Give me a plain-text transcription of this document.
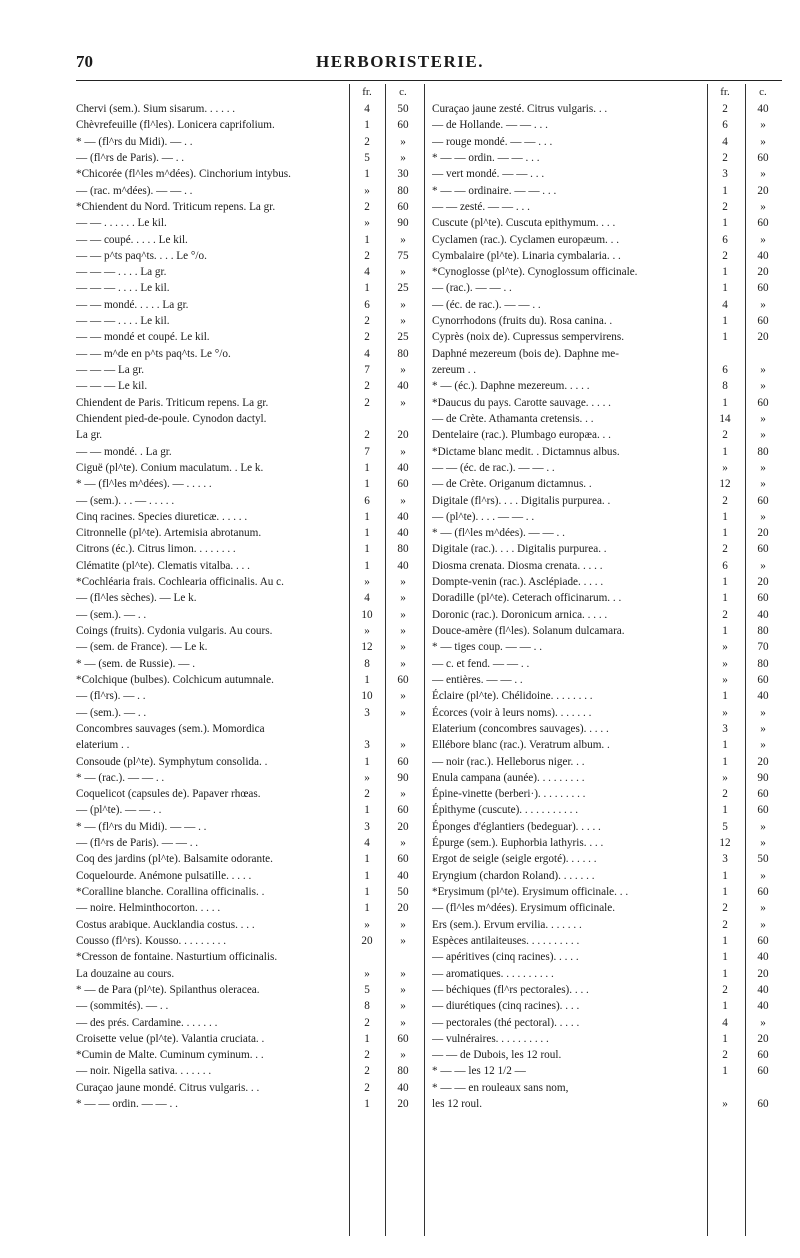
HERBORISTERIE.
70
fr.	c.
Chervi (sem.). Sium sisarum. . . . . .	4	50
Chèvrefeuille (fl^les). Lonicera caprifolium.	1	60
* — (fl^rs du Midi). — . .	2	»
— (fl^rs de Paris). — . .	5	»
*Chicorée (fl^les m^dées). Cinchorium intybus.	1	30
— (rac. m^dées). — — . .	»	80
*Chiendent du Nord. Triticum repens. La gr.	2	60
— — . . . . . . Le kil.	»	90
— — coupé. . . . . Le kil.	1	»
— — p^ts paq^ts. . . . Le °/o.	2	75
— — — . . . . La gr.	4	»
— — — . . . . Le kil.	1	25
— — mondé. . . . . La gr.	6	»
— — — . . . . Le kil.	2	»
— — mondé et coupé. Le kil.	2	25
— — m^de en p^ts paq^ts. Le °/o.	4	80
— — — La gr.	7	»
— — — Le kil.	2	40
Chiendent de Paris. Triticum repens. La gr.	2	»
Chiendent pied-de-poule. Cynodon dactyl.
La gr.	2	20
— — mondé. . La gr.	7	»
Ciguë (pl^te). Conium maculatum. . Le k.	1	40
* — (fl^les m^dées). — . . . . .	1	60
— (sem.). . . — . . . . .	6	»
Cinq racines. Species diureticæ. . . . . .	1	40
Citronnelle (pl^te). Artemisia abrotanum.	1	40
Citrons (éc.). Citrus limon. . . . . . . .	1	80
Clématite (pl^te). Clematis vitalba. . . .	1	40
*Cochléaria frais. Cochlearia officinalis. Au c.	»	»
— (fl^les sèches). — Le k.	4	»
— (sem.). — . .	10	»
Coings (fruits). Cydonia vulgaris. Au cours.	»	»
— (sem. de France). — Le k.	12	»
* — (sem. de Russie). — .	8	»
*Colchique (bulbes). Colchicum autumnale.	1	60
— (fl^rs). — . .	10	»
— (sem.). — . .	3	»
Concombres sauvages (sem.). Momordica
elaterium . .	3	»
Consoude (pl^te). Symphytum consolida. .	1	60
* — (rac.). — — . .	»	90
Coquelicot (capsules de). Papaver rhœas.	2	»
— (pl^te). — — . .	1	60
* — (fl^rs du Midi). — — . .	3	20
— (fl^rs de Paris). — — . .	4	»
Coq des jardins (pl^te). Balsamite odorante.	1	60
Coquelourde. Anémone pulsatille. . . . .	1	40
*Coralline blanche. Corallina officinalis. .	1	50
— noire. Helminthocorton. . . . .	1	20
Costus arabique. Aucklandia costus. . . .	»	»
Cousso (fl^rs). Kousso. . . . . . . . .	20	»
*Cresson de fontaine. Nasturtium officinalis.
La douzaine au cours.	»	»
* — de Para (pl^te). Spilanthus oleracea.	5	»
— (sommités). — . .	8	»
— des prés. Cardamine. . . . . . .	2	»
Croisette velue (pl^te). Valantia cruciata. .	1	60
*Cumin de Malte. Cuminum cyminum. . .	2	»
— noir. Nigella sativa. . . . . . .	2	80
Curaçao jaune mondé. Citrus vulgaris. . .	2	40
* — — ordin. — — . .	1	20
fr.	c.
Curaçao jaune zesté. Citrus vulgaris. . .	2	40
— de Hollande. — — . . .	6	»
— rouge mondé. — — . . .	4	»
* — — ordin. — — . . .	2	60
— vert mondé. — — . . .	3	»
* — — ordinaire. — — . . .	1	20
— — zesté. — — . . .	2	»
Cuscute (pl^te). Cuscuta epithymum. . . .	1	60
Cyclamen (rac.). Cyclamen europæum. . .	6	»
Cymbalaire (pl^te). Linaria cymbalaria. . .	2	40
*Cynoglosse (pl^te). Cynoglossum officinale.	1	20
— (rac.). — — . .	1	60
— (éc. de rac.). — — . .	4	»
Cynorrhodons (fruits du). Rosa canina. .	1	60
Cyprès (noix de). Cupressus sempervirens.	1	20
Daphné mezereum (bois de). Daphne me-
zereum . .	6	»
* — (éc.). Daphne mezereum. . . . .	8	»
*Daucus du pays. Carotte sauvage. . . . .	1	60
— de Crète. Athamanta cretensis. . .	14	»
Dentelaire (rac.). Plumbago europæa. . .	2	»
*Dictame blanc medit. . Dictamnus albus.	1	80
— — (éc. de rac.). — — . .	»	»
— de Crète. Origanum dictamnus. .	12	»
Digitale (fl^rs). . . . Digitalis purpurea. .	2	60
— (pl^te). . . . — — . .	1	»
* — (fl^les m^dées). — — . .	1	20
Digitale (rac.). . . . Digitalis purpurea. .	2	60
Diosma crenata. Diosma crenata. . . . .	6	»
Dompte-venin (rac.). Asclépiade. . . . .	1	20
Doradille (pl^te). Ceterach officinarum. . .	1	60
Doronic (rac.). Doronicum arnica. . . . .	2	40
Douce-amère (fl^les). Solanum dulcamara.	1	80
* — tiges coup. — — . .	»	70
— c. et fend. — — . .	»	80
— entières. — — . .	»	60
Éclaire (pl^te). Chélidoine. . . . . . . .	1	40
Écorces (voir à leurs noms). . . . . . .	»	»
Elaterium (concombres sauvages). . . . .	3	»
Ellébore blanc (rac.). Veratrum album. .	1	»
— noir (rac.). Helleborus niger. . .	1	20
Enula campana (aunée). . . . . . . . .	»	90
Épine-vinette (berberi·). . . . . . . . .	2	60
Épithyme (cuscute). . . . . . . . . . .	1	60
Éponges d'églantiers (bedeguar). . . . .	5	»
Épurge (sem.). Euphorbia lathyris. . . .	12	»
Ergot de seigle (seigle ergoté). . . . . .	3	50
Eryngium (chardon Roland). . . . . . .	1	»
*Erysimum (pl^te). Erysimum officinale. . .	1	60
— (fl^les m^dées). Erysimum officinale.	2	»
Ers (sem.). Ervum ervilia. . . . . . .	2	»
Espèces antilaiteuses. . . . . . . . . .	1	60
— apéritives (cinq racines). . . . .	1	40
— aromatiques. . . . . . . . . .	1	20
— béchiques (fl^rs pectorales). . . .	2	40
— diurétiques (cinq racines). . . .	1	40
— pectorales (thé pectoral). . . . .	4	»
— vulnéraires. . . . . . . . . .	1	20
— — de Dubois, les 12 roul.	2	60
* — — les 12 1/2 —	1	60
* — — en rouleaux sans nom,
les 12 roul.	»	60
